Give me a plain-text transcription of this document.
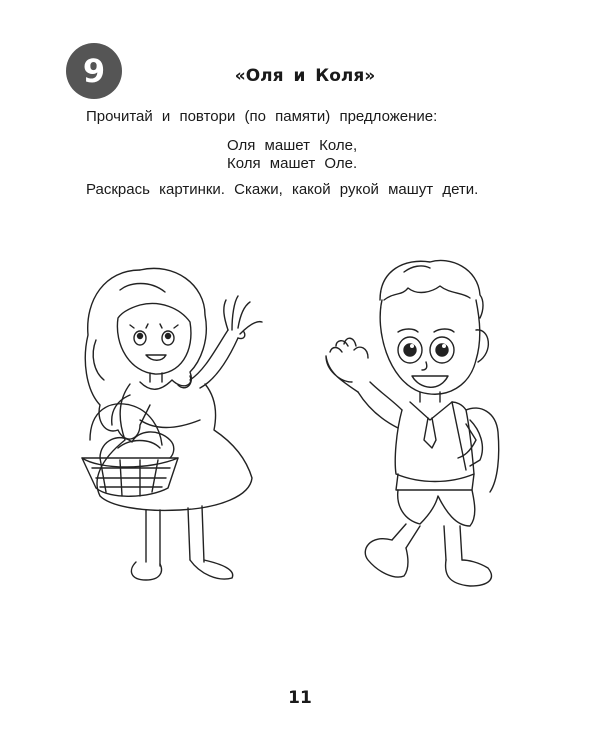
9	«Оля и Коля»
Прочитай и повтори (по памяти) предложение:
Оля машет Коле,
Коля машет Оле.
Раскрась картинки. Скажи, какой рукой машут дети.
11
